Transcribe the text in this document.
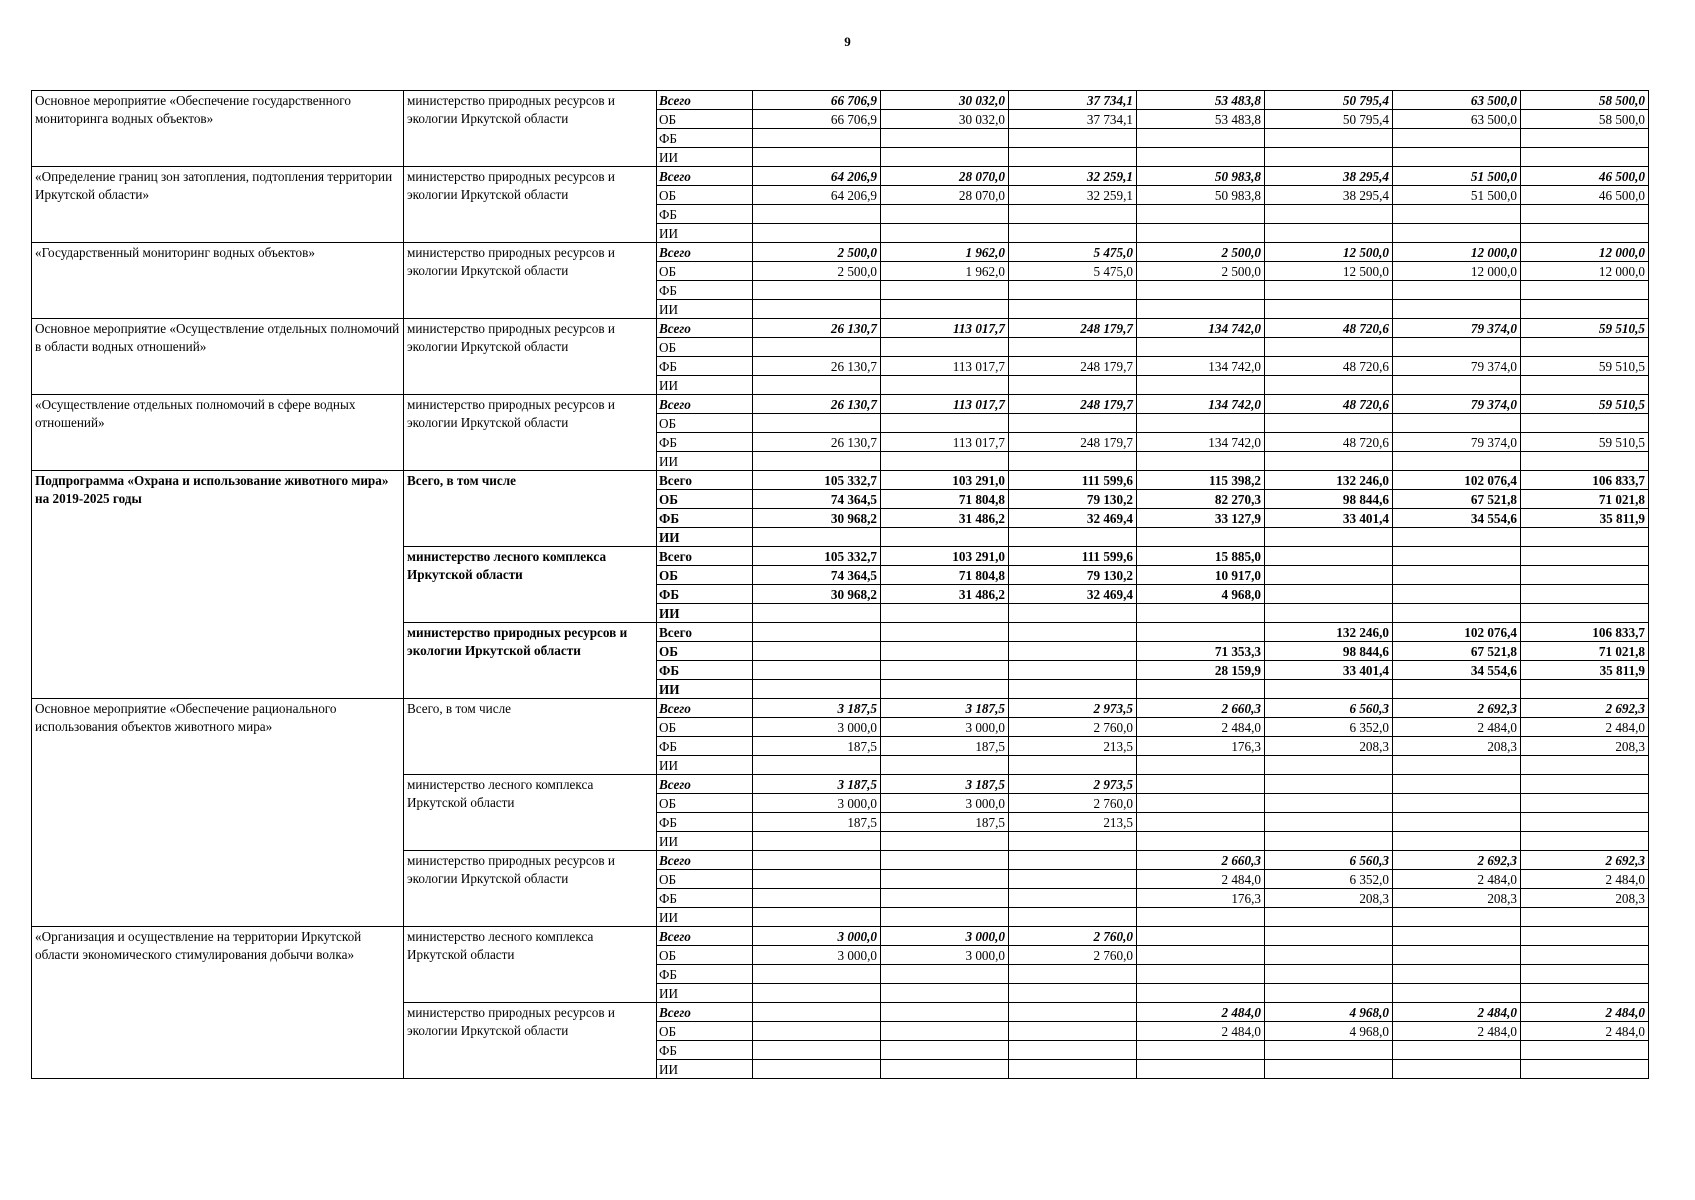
9
Основное мероприятие «Обеспечение государственного мониторинга водных объектов»	министерство природных ресурсов и экологии Иркутской области	Всего	66 706,9	30 032,0	37 734,1	53 483,8	50 795,4	63 500,0	58 500,0
		ОБ	66 706,9	30 032,0	37 734,1	53 483,8	50 795,4	63 500,0	58 500,0
		ФБ							
		ИИ							
«Определение границ зон затопления, подтопления территории Иркутской области»	министерство природных ресурсов и экологии Иркутской области	Всего	64 206,9	28 070,0	32 259,1	50 983,8	38 295,4	51 500,0	46 500,0
		ОБ	64 206,9	28 070,0	32 259,1	50 983,8	38 295,4	51 500,0	46 500,0
		ФБ							
		ИИ							
«Государственный мониторинг водных объектов»	министерство природных ресурсов и экологии Иркутской области	Всего	2 500,0	1 962,0	5 475,0	2 500,0	12 500,0	12 000,0	12 000,0
		ОБ	2 500,0	1 962,0	5 475,0	2 500,0	12 500,0	12 000,0	12 000,0
		ФБ							
		ИИ							
Основное мероприятие «Осуществление отдельных полномочий в области водных отношений»	министерство природных ресурсов и экологии Иркутской области	Всего	26 130,7	113 017,7	248 179,7	134 742,0	48 720,6	79 374,0	59 510,5
		ОБ							
		ФБ	26 130,7	113 017,7	248 179,7	134 742,0	48 720,6	79 374,0	59 510,5
		ИИ							
«Осуществление отдельных полномочий в сфере водных отношений»	министерство природных ресурсов и экологии Иркутской области	Всего	26 130,7	113 017,7	248 179,7	134 742,0	48 720,6	79 374,0	59 510,5
		ОБ							
		ФБ	26 130,7	113 017,7	248 179,7	134 742,0	48 720,6	79 374,0	59 510,5
		ИИ							
Подпрограмма «Охрана и использование животного мира» на 2019-2025 годы	Всего, в том числе	Всего	105 332,7	103 291,0	111 599,6	115 398,2	132 246,0	102 076,4	106 833,7
		ОБ	74 364,5	71 804,8	79 130,2	82 270,3	98 844,6	67 521,8	71 021,8
		ФБ	30 968,2	31 486,2	32 469,4	33 127,9	33 401,4	34 554,6	35 811,9
		ИИ							
	министерство лесного комплекса Иркутской области	Всего	105 332,7	103 291,0	111 599,6	15 885,0			
		ОБ	74 364,5	71 804,8	79 130,2	10 917,0			
		ФБ	30 968,2	31 486,2	32 469,4	4 968,0			
		ИИ							
	министерство природных ресурсов и экологии Иркутской области	Всего					132 246,0	102 076,4	106 833,7
		ОБ				71 353,3	98 844,6	67 521,8	71 021,8
		ФБ				28 159,9	33 401,4	34 554,6	35 811,9
		ИИ							
Основное мероприятие «Обеспечение рационального использования объектов животного мира»	Всего, в том числе	Всего	3 187,5	3 187,5	2 973,5	2 660,3	6 560,3	2 692,3	2 692,3
		ОБ	3 000,0	3 000,0	2 760,0	2 484,0	6 352,0	2 484,0	2 484,0
		ФБ	187,5	187,5	213,5	176,3	208,3	208,3	208,3
		ИИ							
	министерство лесного комплекса Иркутской области	Всего	3 187,5	3 187,5	2 973,5				
		ОБ	3 000,0	3 000,0	2 760,0				
		ФБ	187,5	187,5	213,5				
		ИИ							
	министерство природных ресурсов и экологии Иркутской области	Всего				2 660,3	6 560,3	2 692,3	2 692,3
		ОБ				2 484,0	6 352,0	2 484,0	2 484,0
		ФБ				176,3	208,3	208,3	208,3
		ИИ							
«Организация и осуществление на территории Иркутской области экономического стимулирования добычи волка»	министерство лесного комплекса Иркутской области	Всего	3 000,0	3 000,0	2 760,0				
		ОБ	3 000,0	3 000,0	2 760,0				
		ФБ							
		ИИ							
	министерство природных ресурсов и экологии Иркутской области	Всего				2 484,0	4 968,0	2 484,0	2 484,0
		ОБ				2 484,0	4 968,0	2 484,0	2 484,0
		ФБ							
		ИИ							
